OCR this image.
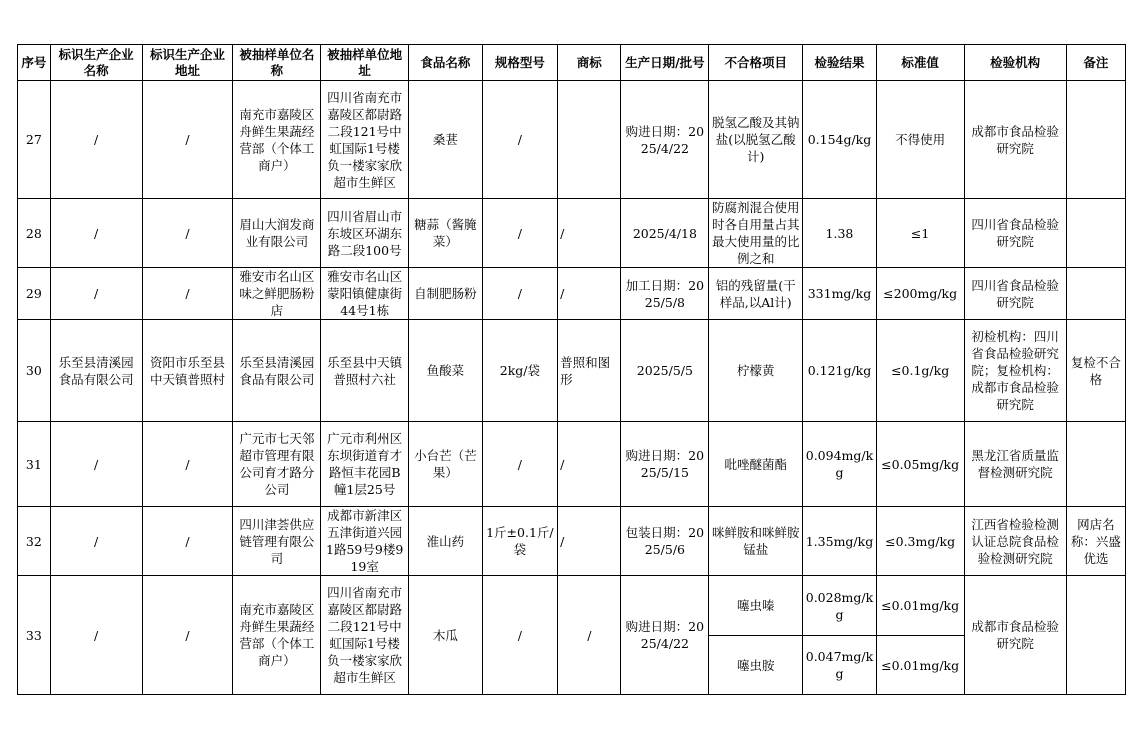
序号	标识生产企业名称	标识生产企业地址	被抽样单位名称	被抽样单位地址	食品名称	规格型号	商标	生产日期/批号	不合格项目	检验结果	标准值	检验机构	备注
27	/	/	南充市嘉陵区舟鲜生果蔬经营部（个体工商户）	四川省南充市嘉陵区都尉路二段121号中虹国际1号楼负一楼家家欣超市生鲜区	桑葚	/		购进日期：2025/4/22	脱氢乙酸及其钠盐(以脱氢乙酸计)	0.154g/kg	不得使用	成都市食品检验研究院	
28	/	/	眉山大润发商业有限公司	四川省眉山市东坡区环湖东路二段100号	糖蒜（酱腌菜）	/	/	2025/4/18	防腐剂混合使用时各自用量占其最大使用量的比例之和	1.38	≤1	四川省食品检验研究院	
29	/	/	雅安市名山区味之鲜肥肠粉店	雅安市名山区蒙阳镇健康街44号1栋	自制肥肠粉	/	/	加工日期：2025/5/8	铝的残留量(干样品,以Al计)	331mg/kg	≤200mg/kg	四川省食品检验研究院	
30	乐至县清溪园食品有限公司	资阳市乐至县中天镇普照村	乐至县清溪园食品有限公司	乐至县中天镇普照村六社	鱼酸菜	2kg/袋	普照和图形	2025/5/5	柠檬黄	0.121g/kg	≤0.1g/kg	初检机构：四川省食品检验研究院；复检机构：成都市食品检验研究院	复检不合格
31	/	/	广元市七天邻超市管理有限公司育才路分公司	广元市利州区东坝街道育才路恒丰花园B幢1层25号	小台芒（芒果）	/	/	购进日期：2025/5/15	吡唑醚菌酯	0.094mg/kg	≤0.05mg/kg	黑龙江省质量监督检测研究院	
32	/	/	四川津荟供应链管理有限公司	成都市新津区五津街道兴园1路59号9楼919室	淮山药	1斤±0.1斤/袋	/	包装日期：2025/5/6	咪鲜胺和咪鲜胺锰盐	1.35mg/kg	≤0.3mg/kg	江西省检验检测认证总院食品检验检测研究院	网店名称：兴盛优选
33	/	/	南充市嘉陵区舟鲜生果蔬经营部（个体工商户）	四川省南充市嘉陵区都尉路二段121号中虹国际1号楼负一楼家家欣超市生鲜区	木瓜	/	/	购进日期：2025/4/22	噻虫嗪	0.028mg/kg	≤0.01mg/kg	成都市食品检验研究院	
									噻虫胺	0.047mg/kg	≤0.01mg/kg		
